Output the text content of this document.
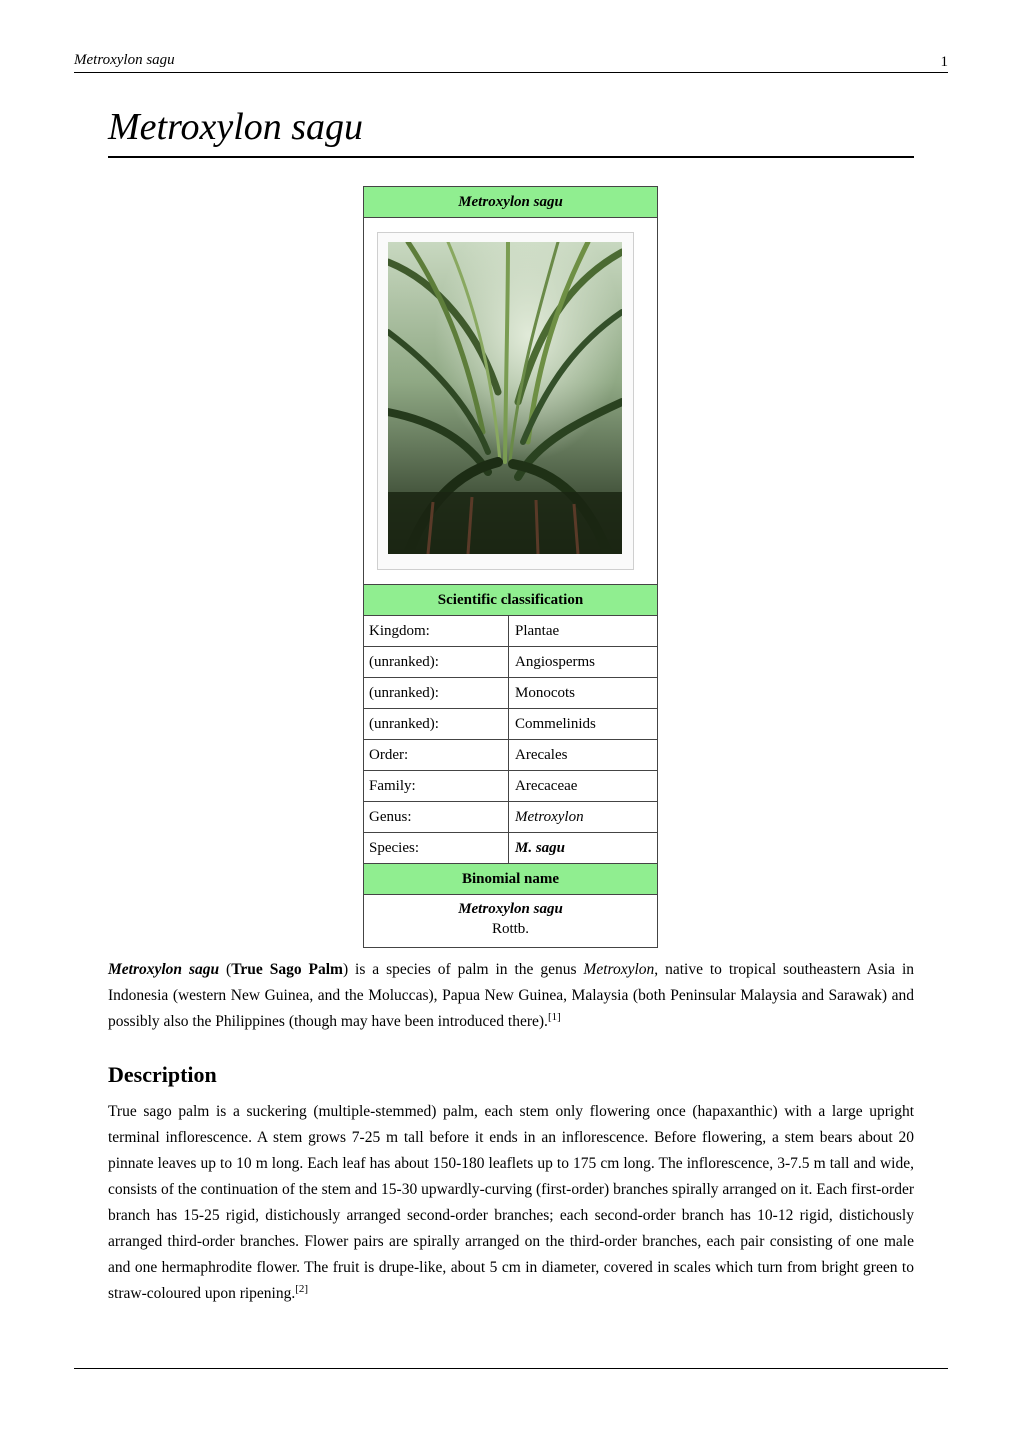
Metroxylon sagu	1
Metroxylon sagu
Metroxylon sagu
Scientific classification
Kingdom:	Plantae
(unranked):	Angiosperms
(unranked):	Monocots
(unranked):	Commelinids
Order:	Arecales
Family:	Arecaceae
Genus:	Metroxylon
Species:	M. sagu
Binomial name
Metroxylon sagu
Rottb.

Metroxylon sagu (True Sago Palm) is a species of palm in the genus Metroxylon, native to tropical southeastern Asia in Indonesia (western New Guinea, and the Moluccas), Papua New Guinea, Malaysia (both Peninsular Malaysia and Sarawak) and possibly also the Philippines (though may have been introduced there).[1]

Description

True sago palm is a suckering (multiple-stemmed) palm, each stem only flowering once (hapaxanthic) with a large upright terminal inflorescence. A stem grows 7-25 m tall before it ends in an inflorescence. Before flowering, a stem bears about 20 pinnate leaves up to 10 m long. Each leaf has about 150-180 leaflets up to 175 cm long. The inflorescence, 3-7.5 m tall and wide, consists of the continuation of the stem and 15-30 upwardly-curving (first-order) branches spirally arranged on it. Each first-order branch has 15-25 rigid, distichously arranged second-order branches; each second-order branch has 10-12 rigid, distichously arranged third-order branches. Flower pairs are spirally arranged on the third-order branches, each pair consisting of one male and one hermaphrodite flower. The fruit is drupe-like, about 5 cm in diameter, covered in scales which turn from bright green to straw-coloured upon ripening.[2]
